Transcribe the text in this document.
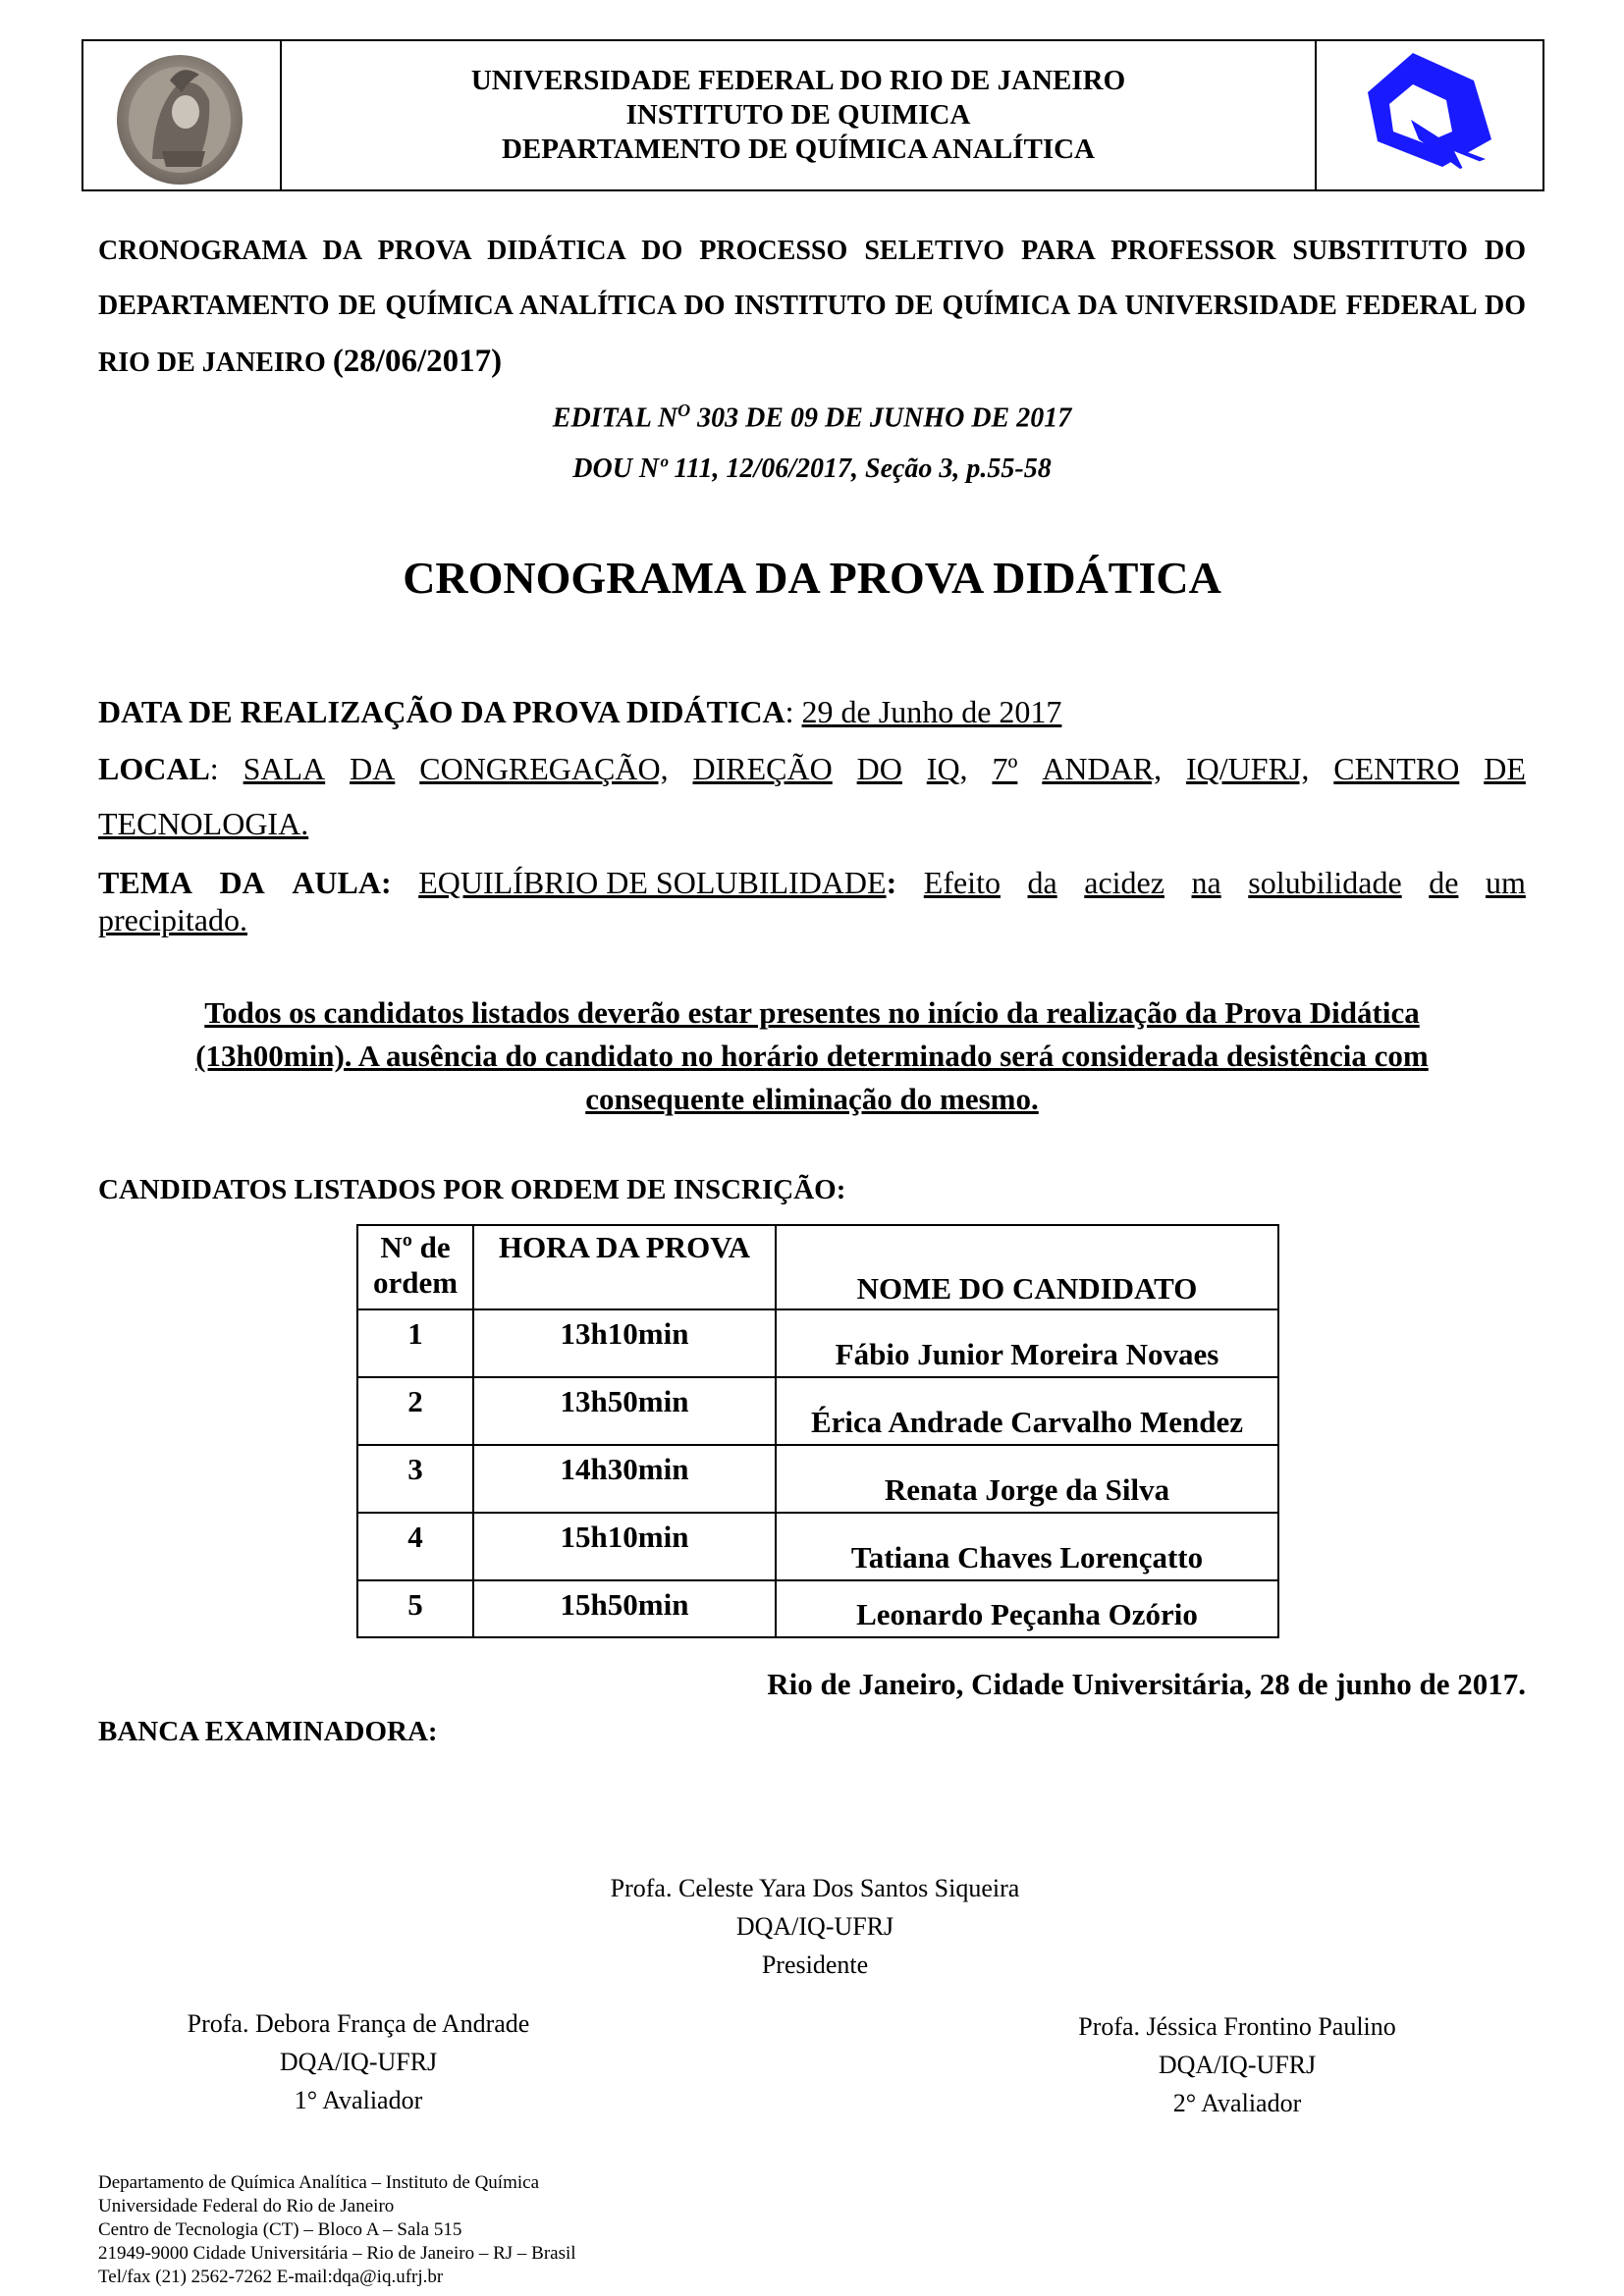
UNIVERSIDADE FEDERAL DO RIO DE JANEIRO
INSTITUTO DE QUIMICA
DEPARTAMENTO DE QUÍMICA ANALÍTICA
CRONOGRAMA DA PROVA DIDÁTICA DO PROCESSO SELETIVO PARA PROFESSOR SUBSTITUTO DO DEPARTAMENTO DE QUÍMICA ANALÍTICA DO INSTITUTO DE QUÍMICA DA UNIVERSIDADE FEDERAL DO RIO DE JANEIRO (28/06/2017)
EDITAL $N^O$ 303 DE 09 DE JUNHO DE 2017
DOU Nº 111, 12/06/2017, Seção 3, p.55-58
CRONOGRAMA DA PROVA DIDÁTICA
DATA DE REALIZAÇÃO DA PROVA DIDÁTICA: 29 de Junho de 2017
LOCAL: SALA DA CONGREGAÇÃO, DIREÇÃO DO IQ, 7º ANDAR, IQ/UFRJ, CENTRO DE
TECNOLOGIA.
TEMA DA AULA: EQUILÍBRIO DE SOLUBILIDADE: Efeito da acidez na solubilidade de um
precipitado.
Todos os candidatos listados deverão estar presentes no início da realização da Prova Didática
(13h00min). A ausência do candidato no horário determinado será considerada desistência com
consequente eliminação do mesmo.
CANDIDATOS LISTADOS POR ORDEM DE INSCRIÇÃO:
Nº de
ordem	HORA DA PROVA	NOME DO CANDIDATO
1	13h10min	Fábio Junior Moreira Novaes
2	13h50min	Érica Andrade Carvalho Mendez
3	14h30min	Renata Jorge da Silva
4	15h10min	Tatiana Chaves Lorençatto
5	15h50min	Leonardo Peçanha Ozório
Rio de Janeiro, Cidade Universitária, 28 de junho de 2017.
BANCA EXAMINADORA:
Profa. Celeste Yara Dos Santos Siqueira
DQA/IQ-UFRJ
Presidente
Profa. Debora França de Andrade
DQA/IQ-UFRJ
1° Avaliador
Profa. Jéssica Frontino Paulino
DQA/IQ-UFRJ
2° Avaliador
Departamento de Química Analítica – Instituto de Química
Universidade Federal do Rio de Janeiro
Centro de Tecnologia (CT) – Bloco A – Sala 515
21949-9000 Cidade Universitária – Rio de Janeiro – RJ – Brasil
Tel/fax (21) 2562-7262 E-mail:dqa@iq.ufrj.br
